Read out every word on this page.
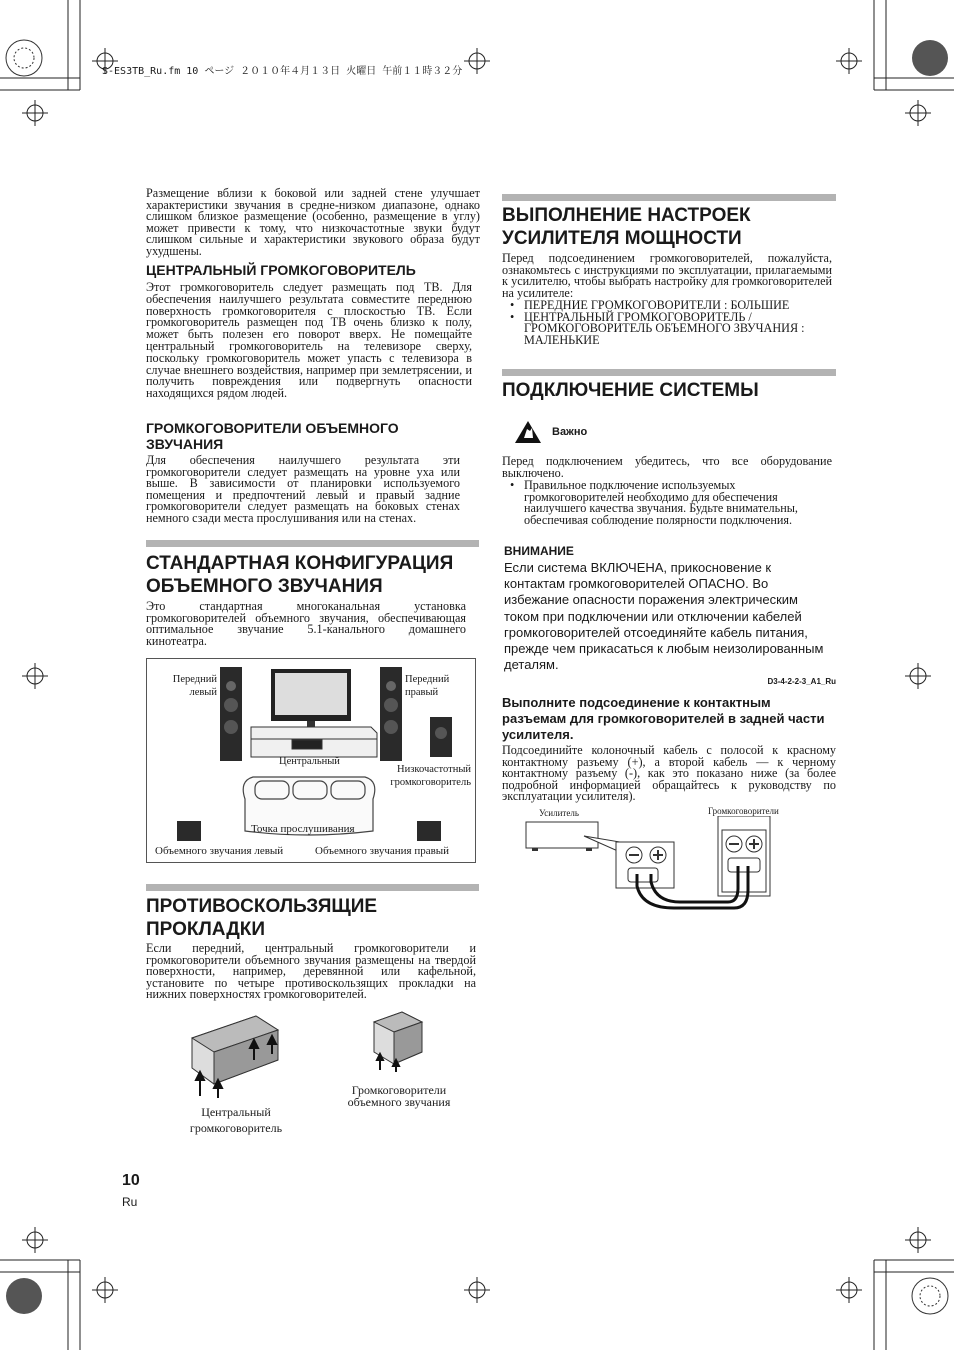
S-ES3TB_Ru.fm 10 ページ ２０１０年４月１３日 火曜日 午前１１時３２分
Размещение вблизи к боковой или задней стене улучшает характеристики звучания в средне-низком диапазоне, однако слишком близкое размещение (особенно, размещение в углу) может привести к тому, что низкочастотные звуки будут слишком сильные и характеристики звукового образа будут ухудшены.
ЦЕНТРАЛЬНЫЙ ГРОМКОГОВОРИТЕЛЬ
Этот громкоговоритель следует размещать под ТВ. Для обеспечения наилучшего результата совместите переднюю поверхность громкоговорителя с плоскостью ТВ. Если громкоговоритель размещен под ТВ очень близко к полу, может быть полезен его поворот вверх. Не помещайте центральный громкоговоритель на телевизоре сверху, поскольку громкоговоритель может упасть с телевизора в случае внешнего воздействия, например при землетрясении, и получить повреждения или подвергнуть опасности находящихся рядом людей.
ГРОМКОГОВОРИТЕЛИ ОБЪЕМНОГО
ЗВУЧАНИЯ
Для обеспечения наилучшего результата эти громкоговорители следует размещать на уровне уха или выше. В зависимости от планировки используемого помещения и предпочтений левый и правый задние громкоговорители следует размещать на боковых стенах немного сзади места прослушивания или на стенах.
СТАНДАРТНАЯ КОНФИГУРАЦИЯ
ОБЪЕМНОГО ЗВУЧАНИЯ
Это стандартная многоканальная установка громкоговорителей объемного звучания, обеспечивающая оптимальное звучание 5.1-канального домашнего кинотеатра.
Передний
левый
Передний
правый
Центральный
Низкочастотный
громкоговоритель
Точка прослушивания
Объемного звучания левый	Объемного звучания правый
ПРОТИВОСКОЛЬЗЯЩИЕ
ПРОКЛАДКИ
Если передний, центральный громкоговорители и громкоговорители объемного звучания размещены на твердой поверхности, например, деревянной или кафельной, установите по четыре противоскользящих прокладки на нижних поверхностях громкоговорителей.
Центральный
громкоговоритель
Громкоговорители
объемного звучания
ВЫПОЛНЕНИЕ НАСТРОЕК
УСИЛИТЕЛЯ МОЩНОСТИ
Перед подсоединением громкоговорителей, пожалуйста, ознакомьтесь с инструкциями по эксплуатации, прилагаемыми к усилителю, чтобы выбрать настройку для громкоговорителей на усилителе:
• ПЕРЕДНИЕ ГРОМКОГОВОРИТЕЛИ : БОЛЬШИЕ
• ЦЕНТРАЛЬНЫЙ ГРОМКОГОВОРИТЕЛЬ / ГРОМКОГОВОРИТЕЛЬ ОБЪЕМНОГО ЗВУЧАНИЯ : МАЛЕНЬКИЕ
ПОДКЛЮЧЕНИЕ СИСТЕМЫ
Важно
Перед подключением убедитесь, что все оборудование выключено.
• Правильное подключение используемых громкоговорителей необходимо для обеспечения наилучшего качества звучания. Будьте внимательны, обеспечивая соблюдение полярности подключения.
ВНИМАНИЕ
Если система ВКЛЮЧЕНА, прикосновение к контактам громкоговорителей ОПАСНО. Во избежание опасности поражения электрическим током при подключении или отключении кабелей громкоговорителей отсоединяйте кабель питания, прежде чем прикасаться к любым неизолированным деталям.
D3-4-2-2-3_A1_Ru
Выполните подсоединение к контактным разъемам для громкоговорителей в задней части усилителя.
Подсоединийте колоночный кабель с полосой к красному контактному разъему (+), а второй кабель — к черному контактному разъему (-), как это показано ниже (за более подробной информацией обращайтесь к руководству по эксплуатации усилителя).
Усилитель	Громкоговорители
10
Ru
